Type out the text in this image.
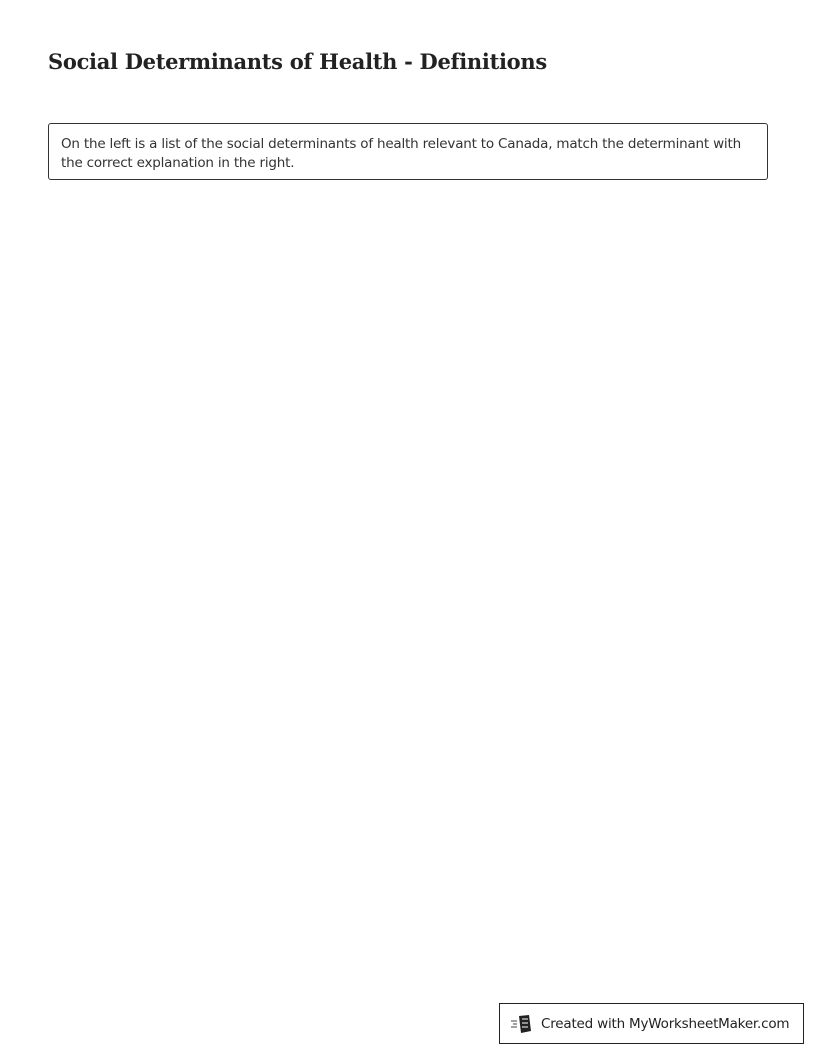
Social Determinants of Health - Definitions
On the left is a list of the social determinants of health relevant to Canada, match the determinant with the correct explanation in the right.
Created with MyWorksheetMaker.com
